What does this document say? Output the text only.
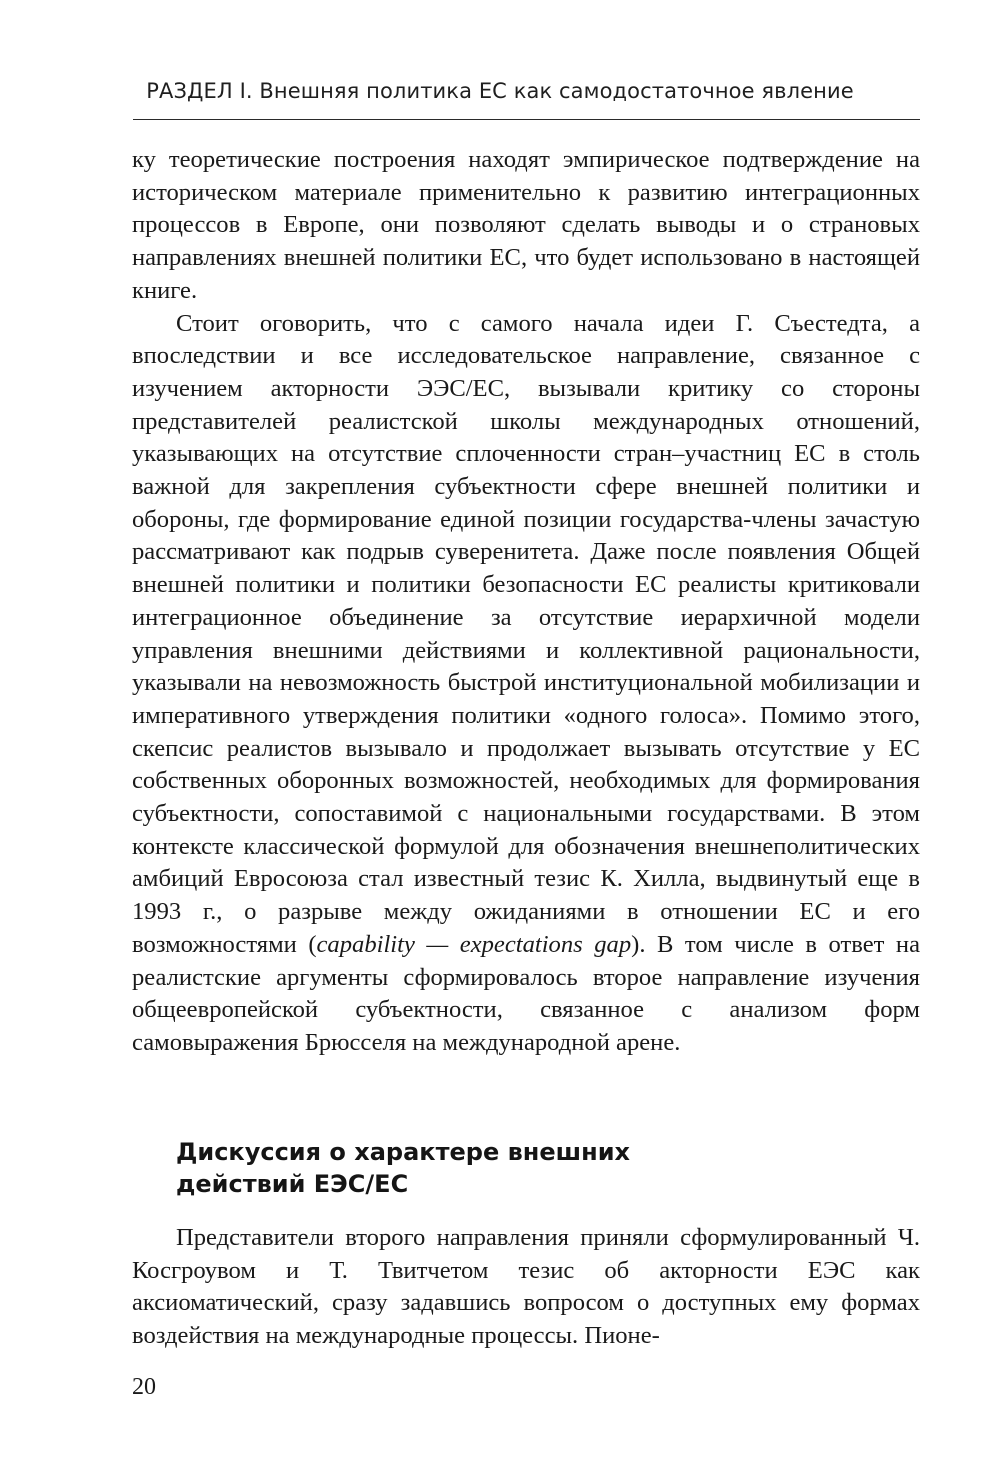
РАЗДЕЛ I. Внешняя политика ЕС как самодостаточное явление

ку теоретические построения находят эмпирическое подтверждение на историческом материале применительно к развитию интеграционных процессов в Европе, они позволяют сделать выводы и о страновых направлениях внешней политики ЕС, что будет использовано в настоящей книге.

Стоит оговорить, что с самого начала идеи Г. Съестедта, а впоследствии и все исследовательское направление, связанное с изучением акторности ЭЭС/ЕС, вызывали критику со стороны представителей реалистской школы международных отношений, указывающих на отсутствие сплоченности стран–участниц ЕС в столь важной для закрепления субъектности сфере внешней политики и обороны, где формирование единой позиции государства-члены зачастую рассматривают как подрыв суверенитета. Даже после появления Общей внешней политики и политики безопасности ЕС реалисты критиковали интеграционное объединение за отсутствие иерархичной модели управления внешними действиями и коллективной рациональности, указывали на невозможность быстрой институциональной мобилизации и императивного утверждения политики «одного голоса». Помимо этого, скепсис реалистов вызывало и продолжает вызывать отсутствие у ЕС собственных оборонных возможностей, необходимых для формирования субъектности, сопоставимой с национальными государствами. В этом контексте классической формулой для обозначения внешнеполитических амбиций Евросоюза стал известный тезис К. Хилла, выдвинутый еще в 1993 г., о разрыве между ожиданиями в отношении ЕС и его возможностями (capability — expectations gap). В том числе в ответ на реалистские аргументы сформировалось второе направление изучения общеевропейской субъектности, связанное с анализом форм самовыражения Брюсселя на международной арене.

Дискуссия о характере внешних
действий ЕЭС/ЕС

Представители второго направления приняли сформулированный Ч. Косгроувом и Т. Твитчетом тезис об акторности ЕЭС как аксиоматический, сразу задавшись вопросом о доступных ему формах воздействия на международные процессы. Пионе-

20
